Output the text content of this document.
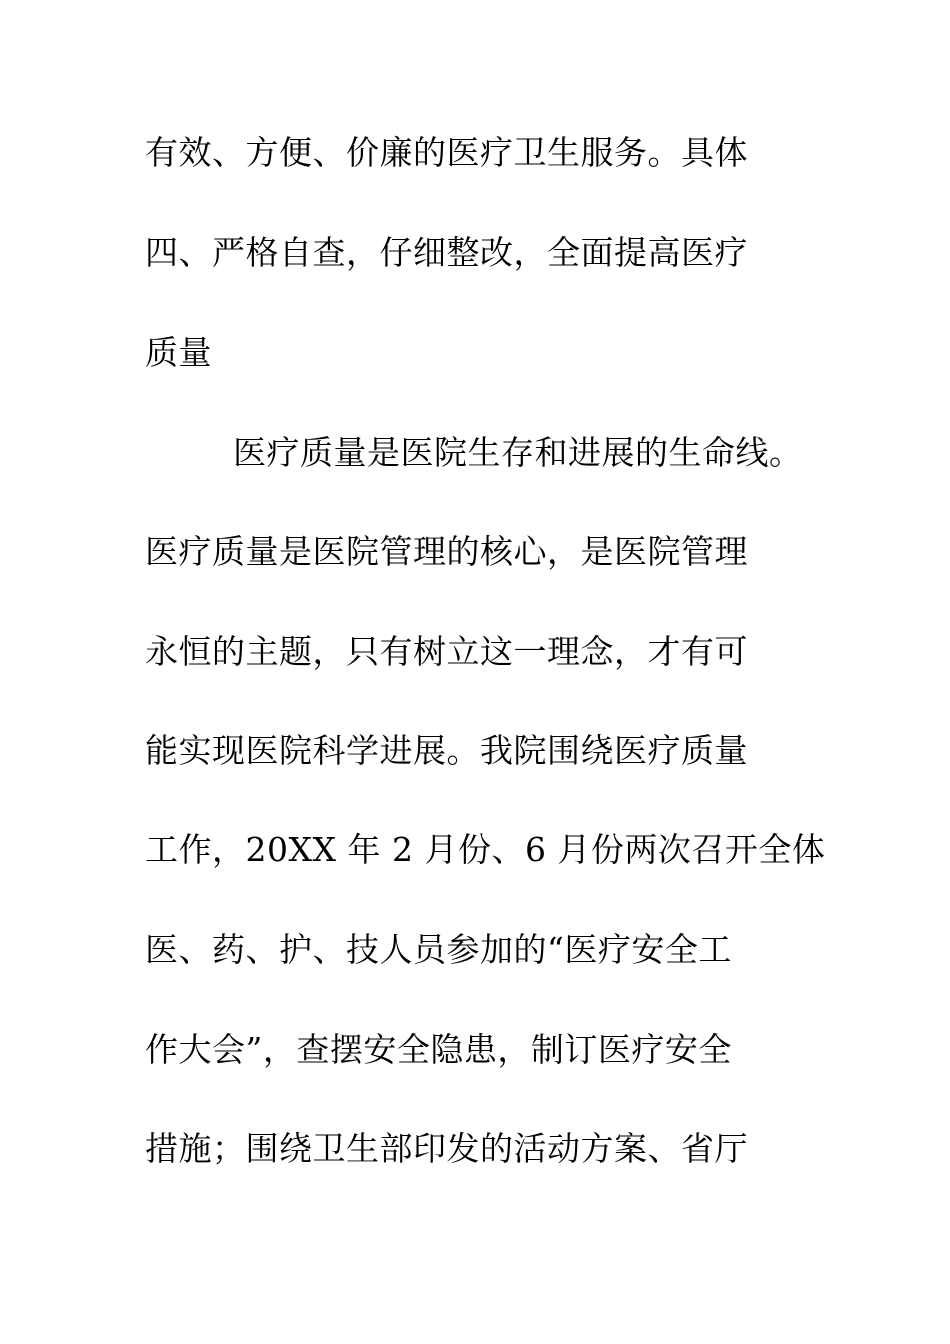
有效、方便、价廉的医疗卫生服务。具体
四、严格自查，仔细整改，全面提高医疗
质量
医疗质量是医院生存和进展的生命线。
医疗质量是医院管理的核心，是医院管理
永恒的主题，只有树立这一理念，才有可
能实现医院科学进展。我院围绕医疗质量
工作，20XX 年 2 月份、6 月份两次召开全体
医、药、护、技人员参加的“医疗安全工
作大会”，查摆安全隐患，制订医疗安全
措施；围绕卫生部印发的活动方案、省厅
